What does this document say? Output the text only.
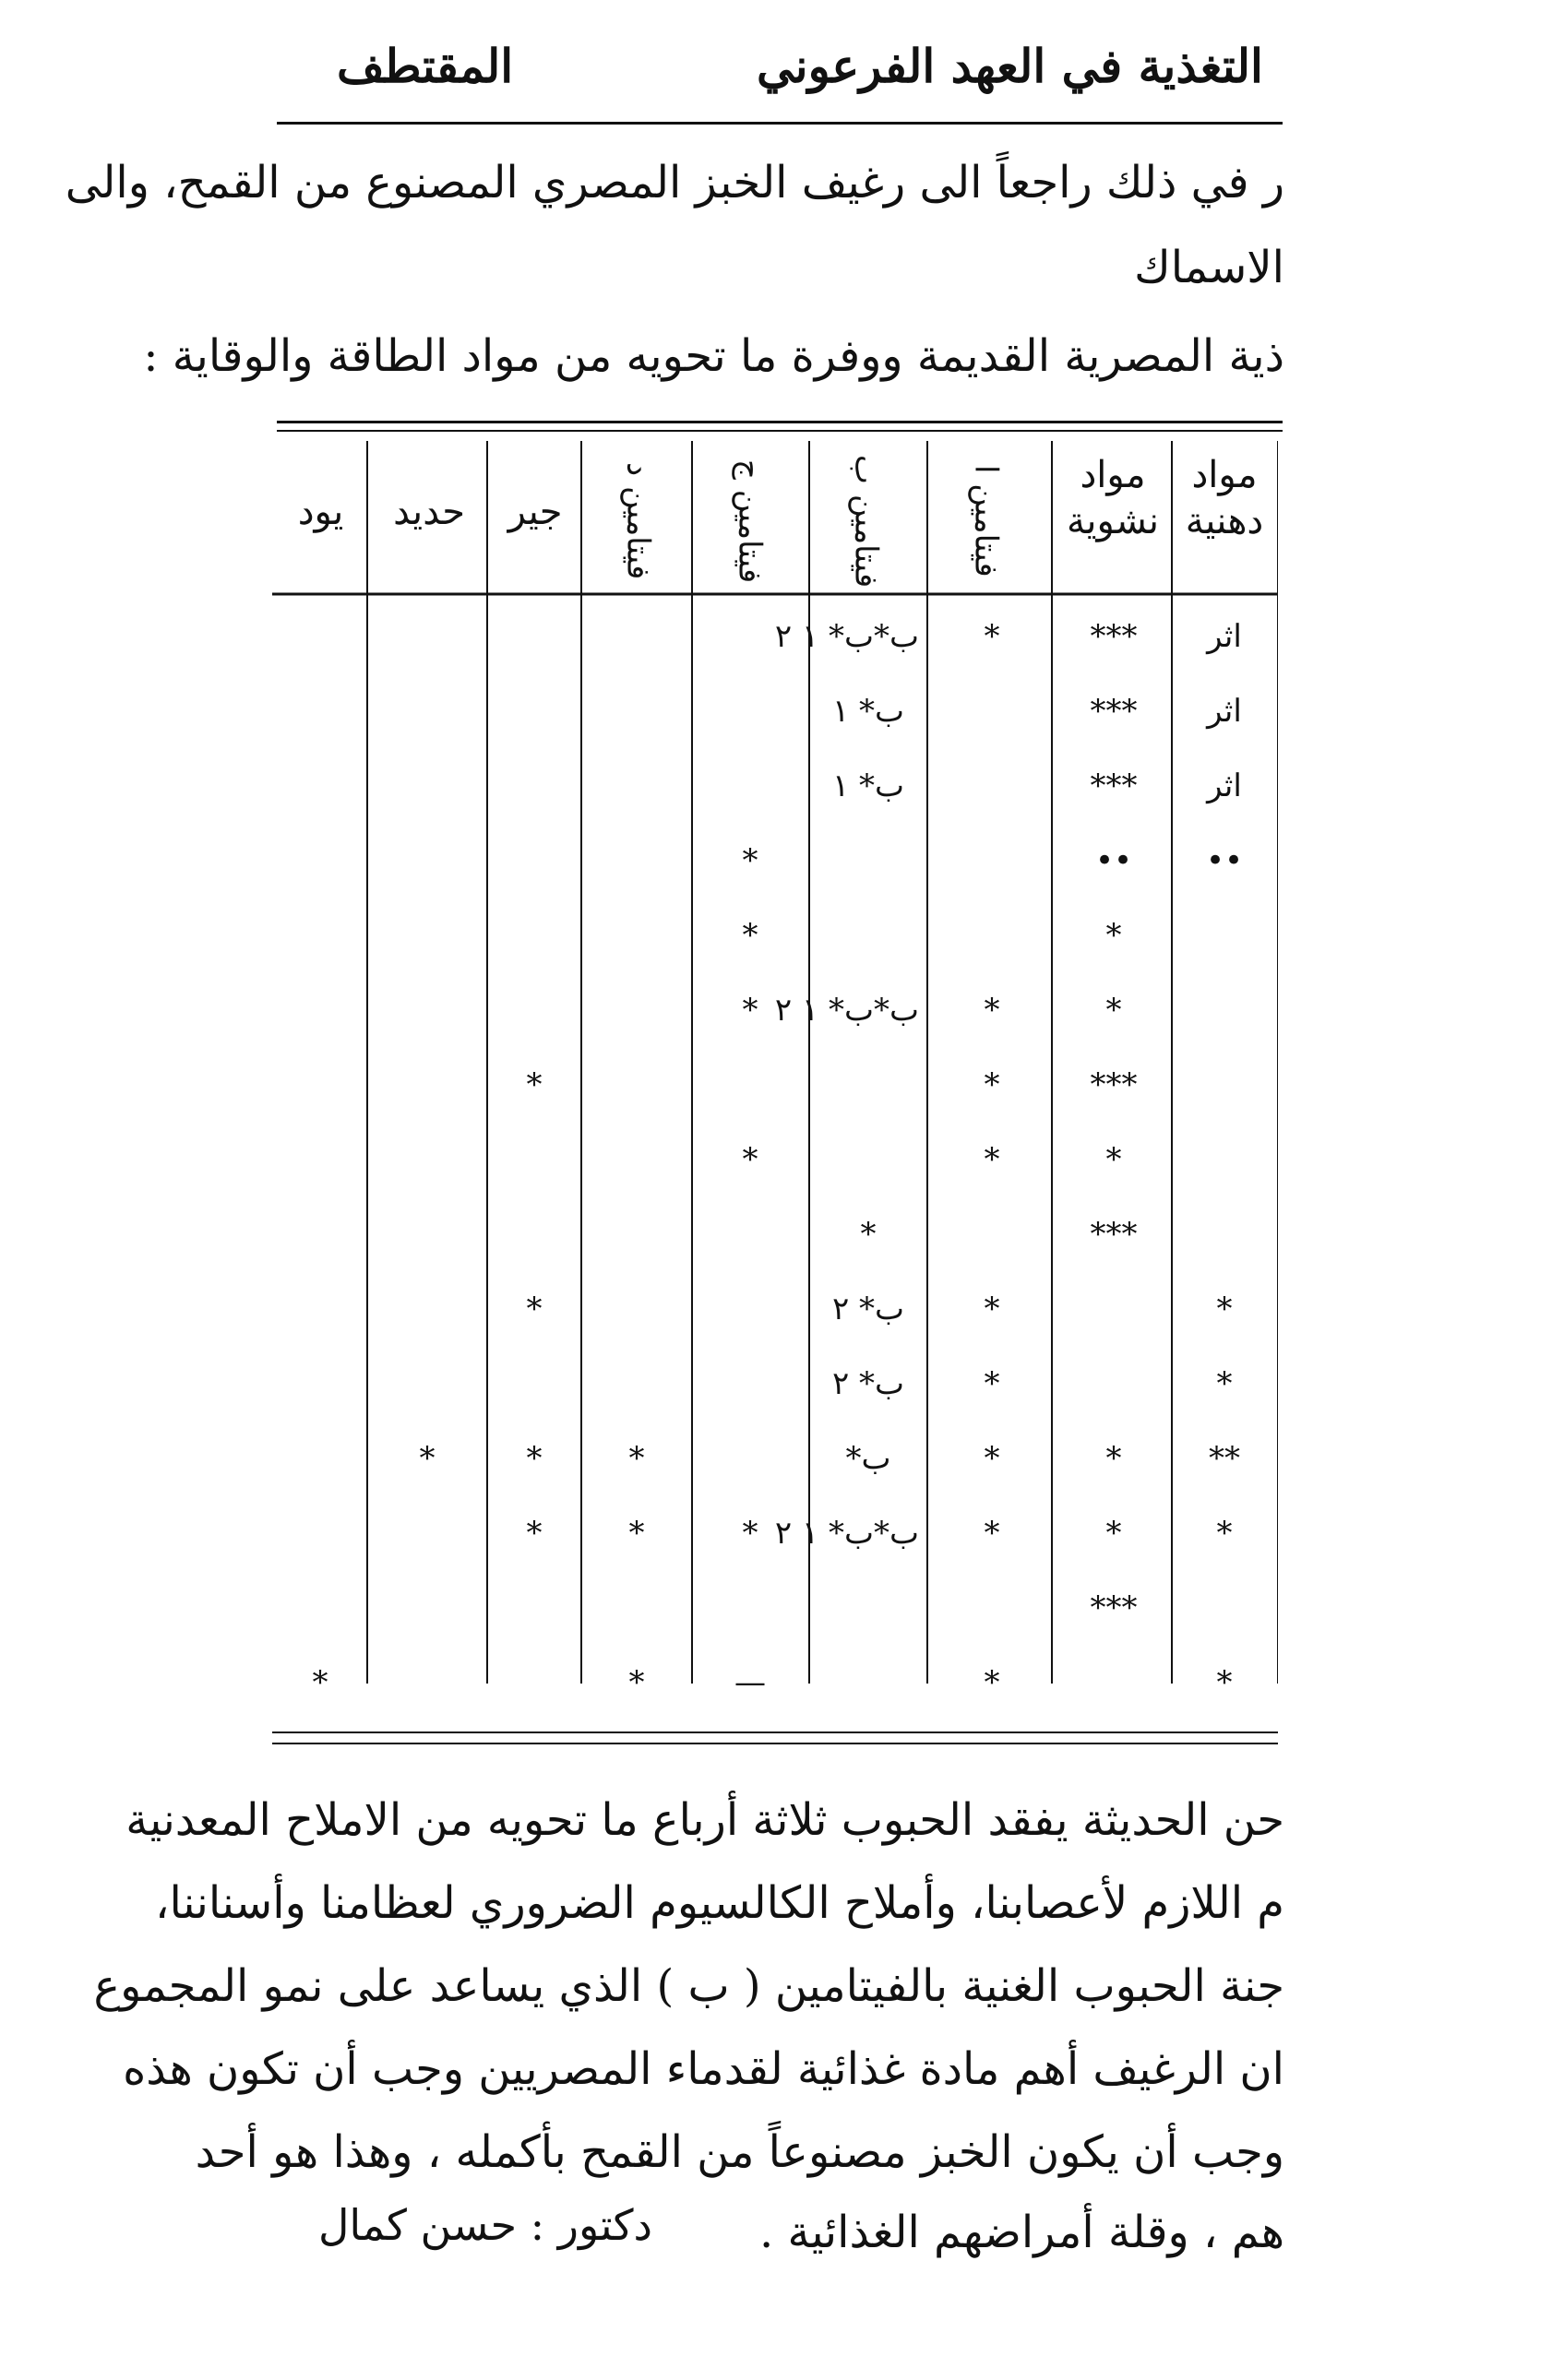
المقتطف	التغذية في العهد الفرعوني
ر في ذلك راجعاً الى رغيف الخبز المصري المصنوع من القمح، والى
الاسماك
ذية المصرية القديمة ووفرة ما تحويه من مواد الطاقة والوقاية :
مواد دهنية
مواد نشوية
فيتامين ا
فيتامين ب
فيتامين ج
فيتامين د
جير
حديد
يود
اثر
***
*
ب*ب* ١ ٢
اثر
***
ب* ١
اثر
***
ب* ١
••
••
*
*
*
*
*
ب*ب* ١ ٢
*
***
*
*
*
*
*
***
*
*
*
ب* ٢
*
*
*
ب* ٢
**
*
*
ب*
*
*
*
*
*
*
ب*ب* ١ ٢
*
*
*
***
*
*
—
*
*
حن الحديثة يفقد الحبوب ثلاثة أرباع ما تحويه من الاملاح المعدنية
م اللازم لأعصابنا، وأملاح الكالسيوم الضروري لعظامنا وأسناننا،
جنة الحبوب الغنية بالفيتامين ( ب ) الذي يساعد على نمو المجموع
ان الرغيف أهم مادة غذائية لقدماء المصريين وجب أن تكون هذه
وجب أن يكون الخبز مصنوعاً من القمح بأكمله ، وهذا هو أحد
هم ، وقلة أمراضهم الغذائية .
دكتور : حسن كمال
